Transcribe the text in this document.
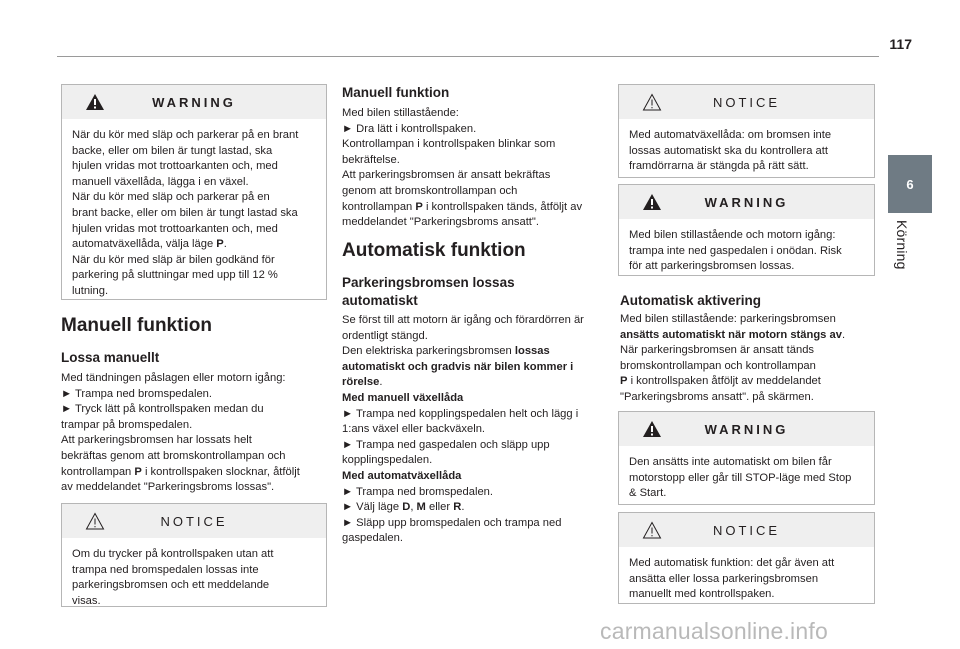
117
6
Körning
WARNING

När du kör med släp och parkerar på en brant

backe, eller om bilen är tungt lastad, ska

hjulen vridas mot trottoarkanten och, med

manuell växellåda, lägga i en växel.

När du kör med släp och parkerar på en

brant backe, eller om bilen är tungt lastad ska

hjulen vridas mot trottoarkanten och, med

automatväxellåda, välja läge P.

När du kör med släp är bilen godkänd för

parkering på sluttningar med upp till 12 %

lutning.

Manuell funktion
Lossa manuellt

Med tändningen påslagen eller motorn igång:

► Trampa ned bromspedalen.

► Tryck lätt på kontrollspaken medan du

trampar på bromspedalen.

Att parkeringsbromsen har lossats helt

bekräftas genom att bromskontrollampan och

kontrollampan P i kontrollspaken slocknar, åtföljt

av meddelandet "Parkeringsbroms lossas".

NOTICE

Om du trycker på kontrollspaken utan att

trampa ned bromspedalen lossas inte

parkeringsbromsen och ett meddelande

visas.

Manuell funktion

Med bilen stillastående:

► Dra lätt i kontrollspaken.

Kontrollampan i kontrollspaken blinkar som

bekräftelse.

Att parkeringsbromsen är ansatt bekräftas

genom att bromskontrollampan och

kontrollampan P i kontrollspaken tänds, åtföljt av

meddelandet "Parkeringsbroms ansatt".

Automatisk funktion
Parkeringsbromsen lossas
automatiskt

Se först till att motorn är igång och förardörren är

ordentligt stängd.

Den elektriska parkeringsbromsen lossas

automatiskt och gradvis när bilen kommer i

rörelse.

Med manuell växellåda

► Trampa ned kopplingspedalen helt och lägg i

1:ans växel eller backväxeln.

► Trampa ned gaspedalen och släpp upp

kopplingspedalen.

Med automatväxellåda

► Trampa ned bromspedalen.

► Välj läge D, M eller R.

► Släpp upp bromspedalen och trampa ned

gaspedalen.

NOTICE

Med automatväxellåda: om bromsen inte

lossas automatiskt ska du kontrollera att

framdörrarna är stängda på rätt sätt.

WARNING

Med bilen stillastående och motorn igång:

trampa inte ned gaspedalen i onödan. Risk

för att parkeringsbromsen lossas.

Automatisk aktivering

Med bilen stillastående: parkeringsbromsen

ansätts automatiskt när motorn stängs av.

När parkeringsbromsen är ansatt tänds

bromskontrollampan och kontrollampan

P i kontrollspaken åtföljt av meddelandet

"Parkeringsbroms ansatt". på skärmen.

WARNING

Den ansätts inte automatiskt om bilen får

motorstopp eller går till STOP-läge med Stop

& Start.

NOTICE

Med automatisk funktion: det går även att

ansätta eller lossa parkeringsbromsen

manuellt med kontrollspaken.

carmanualsonline.info
